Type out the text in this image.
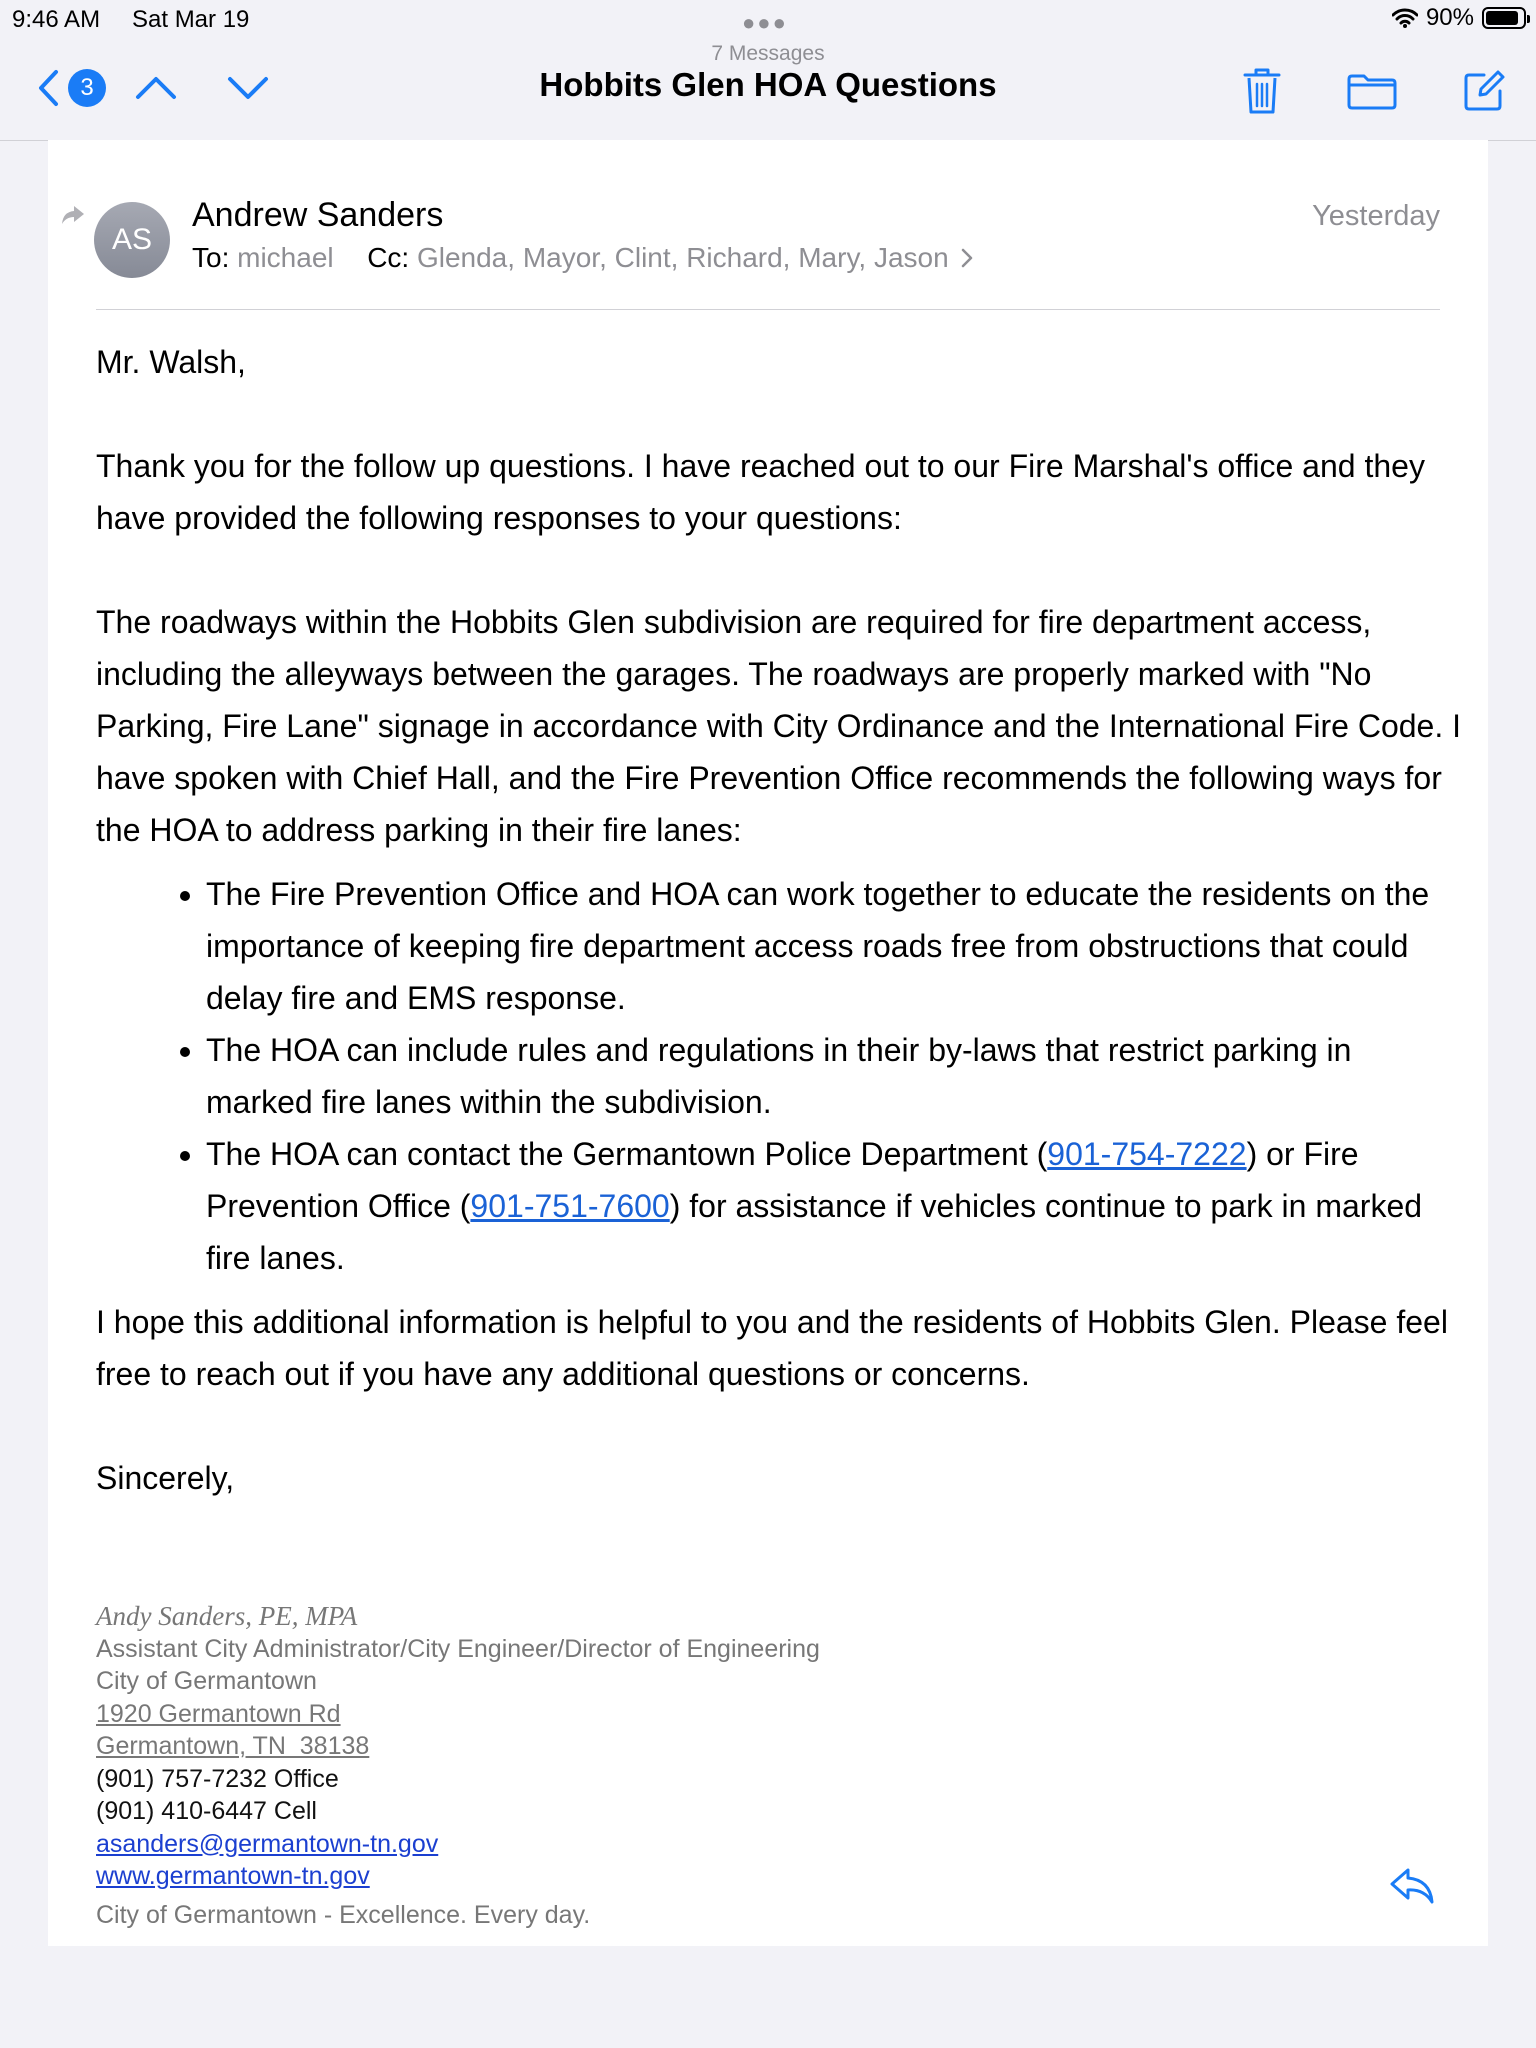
9:46 AM Sat Mar 19	●●●	90%
3
7 Messages
Hobbits Glen HOA Questions
AS
Andrew Sanders
To: michael Cc: Glenda, Mayor, Clint, Richard, Mary, Jason
Yesterday

Mr. Walsh,

Thank you for the follow up questions. I have reached out to our Fire Marshal's office and they have provided the following responses to your questions:

The roadways within the Hobbits Glen subdivision are required for fire department access, including the alleyways between the garages. The roadways are properly marked with "No Parking, Fire Lane" signage in accordance with City Ordinance and the International Fire Code. I have spoken with Chief Hall, and the Fire Prevention Office recommends the following ways for the HOA to address parking in their fire lanes:

• The Fire Prevention Office and HOA can work together to educate the residents on the importance of keeping fire department access roads free from obstructions that could delay fire and EMS response.
• The HOA can include rules and regulations in their by-laws that restrict parking in marked fire lanes within the subdivision.
• The HOA can contact the Germantown Police Department (901-754-7222) or Fire Prevention Office (901-751-7600) for assistance if vehicles continue to park in marked fire lanes.

I hope this additional information is helpful to you and the residents of Hobbits Glen. Please feel free to reach out if you have any additional questions or concerns.

Sincerely,

Andy Sanders, PE, MPA
Assistant City Administrator/City Engineer/Director of Engineering
City of Germantown
1920 Germantown Rd
Germantown, TN  38138
(901) 757-7232 Office
(901) 410-6447 Cell
asanders@germantown-tn.gov
www.germantown-tn.gov
City of Germantown - Excellence. Every day.
